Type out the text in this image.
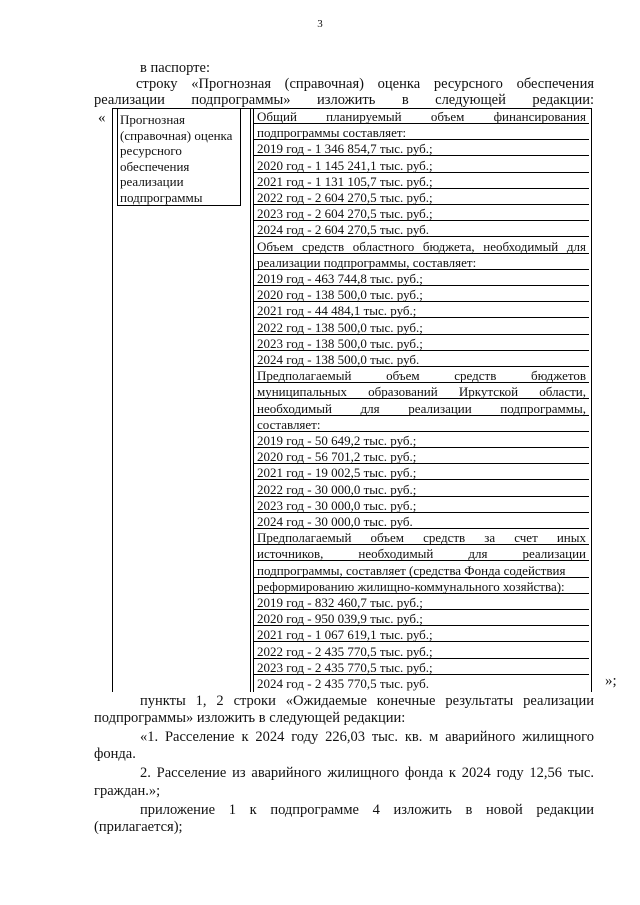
3
в паспорте:
строку «Прогнозная (справочная) оценка ресурсного обеспечения
реализации подпрограммы» изложить в следующей редакции:
« Прогнозная
(справочная) оценка
ресурсного
обеспечения
реализации
подпрограммы
Общий планируемый объем финансирования
подпрограммы составляет:
2019 год - 1 346 854,7 тыс. руб.;
2020 год - 1 145 241,1 тыс. руб.;
2021 год - 1 131 105,7 тыс. руб.;
2022 год - 2 604 270,5 тыс. руб.;
2023 год - 2 604 270,5 тыс. руб.;
2024 год - 2 604 270,5 тыс. руб.
Объем средств областного бюджета, необходимый для
реализации подпрограммы, составляет:
2019 год - 463 744,8 тыс. руб.;
2020 год - 138 500,0 тыс. руб.;
2021 год - 44 484,1 тыс. руб.;
2022 год - 138 500,0 тыс. руб.;
2023 год - 138 500,0 тыс. руб.;
2024 год - 138 500,0 тыс. руб.
Предполагаемый объем средств бюджетов
муниципальных образований Иркутской области,
необходимый для реализации подпрограммы,
составляет:
2019 год - 50 649,2 тыс. руб.;
2020 год - 56 701,2 тыс. руб.;
2021 год - 19 002,5 тыс. руб.;
2022 год - 30 000,0 тыс. руб.;
2023 год - 30 000,0 тыс. руб.;
2024 год - 30 000,0 тыс. руб.
Предполагаемый объем средств за счет иных
источников, необходимый для реализации
подпрограммы, составляет (средства Фонда содействия
реформированию жилищно-коммунального хозяйства):
2019 год - 832 460,7 тыс. руб.;
2020 год - 950 039,9 тыс. руб.;
2021 год - 1 067 619,1 тыс. руб.;
2022 год - 2 435 770,5 тыс. руб.;
2023 год - 2 435 770,5 тыс. руб.;
2024 год - 2 435 770,5 тыс. руб.	»;
пункты 1, 2 строки «Ожидаемые конечные результаты реализации
подпрограммы» изложить в следующей редакции:
«1. Расселение к 2024 году 226,03 тыс. кв. м аварийного жилищного
фонда.
2. Расселение из аварийного жилищного фонда к 2024 году 12,56 тыс.
граждан.»;
приложение 1 к подпрограмме 4 изложить в новой редакции
(прилагается);
